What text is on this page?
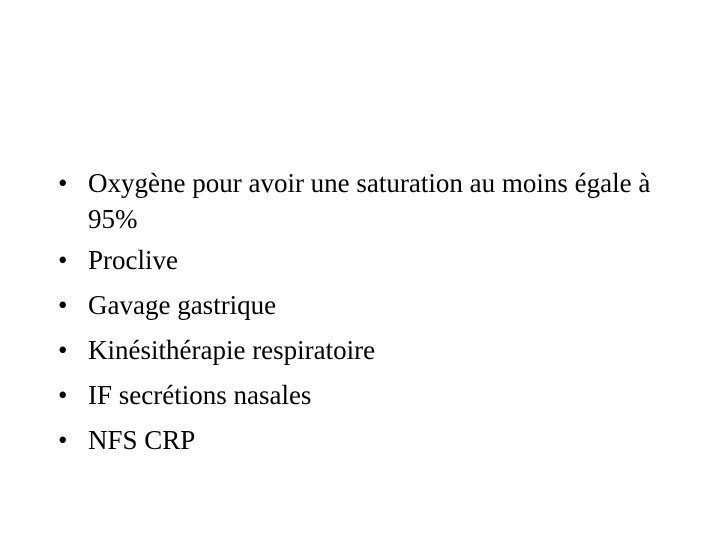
• Oxygène pour avoir une saturation au moins égale à 95%
• Proclive
• Gavage gastrique
• Kinésithérapie respiratoire
• IF secrétions nasales
• NFS CRP
